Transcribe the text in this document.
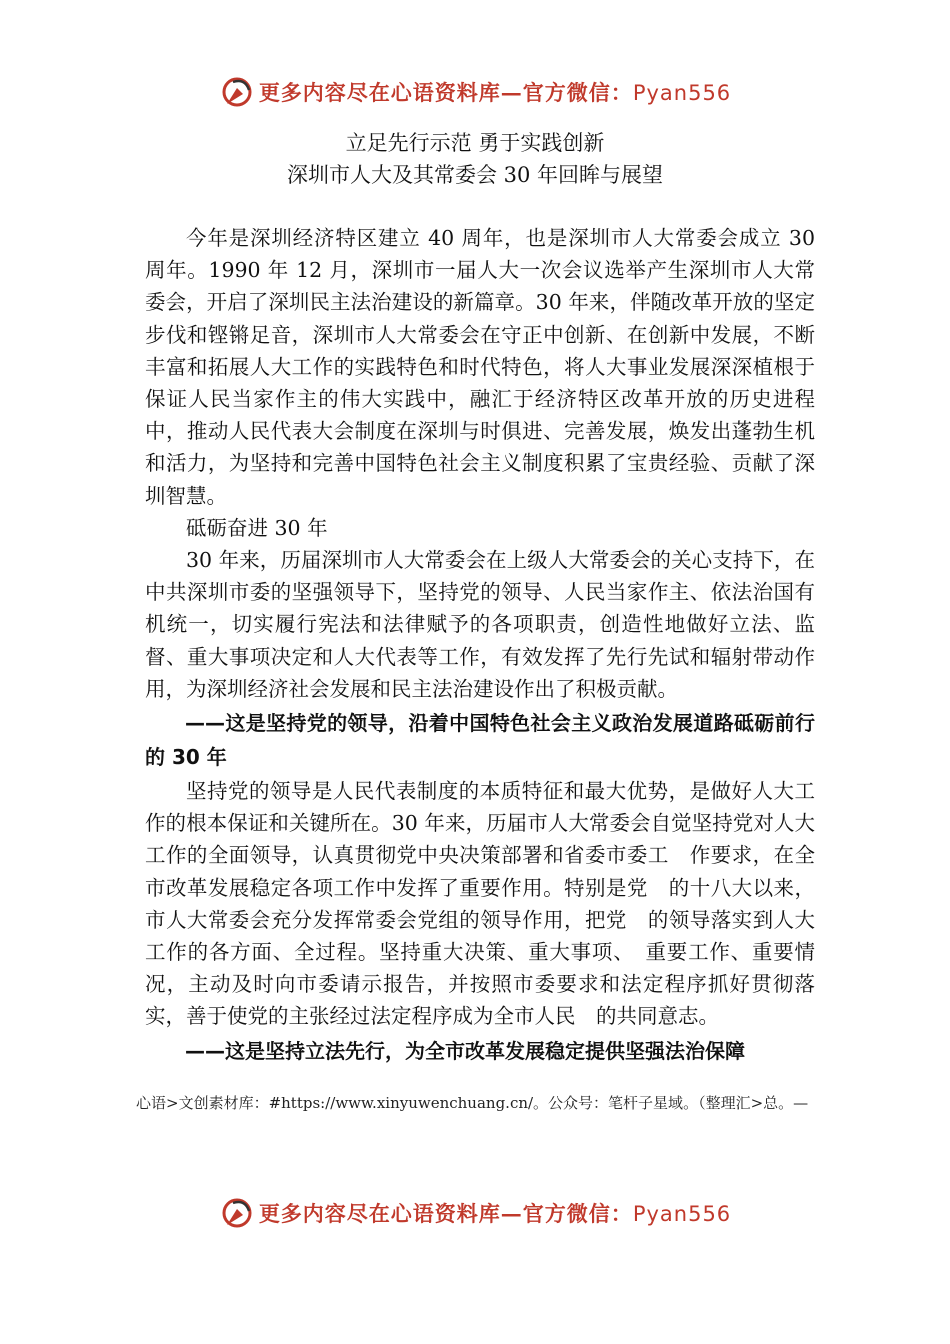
更多内容尽在心语资料库—官方微信：Pyan556
立足先行示范 勇于实践创新
深圳市人大及其常委会 30 年回眸与展望

今年是深圳经济特区建立 40 周年，也是深圳市人大常委会成立 30 周年。1990 年 12 月，深圳市一届人大一次会议选举产生深圳市人大常委会，开启了深圳民主法治建设的新篇章。30 年来，伴随改革开放的坚定步伐和铿锵足音，深圳市人大常委会在守正中创新、在创新中发展，不断丰富和拓展人大工作的实践特色和时代特色，将人大事业发展深深植根于保证人民当家作主的伟大实践中，融汇于经济特区改革开放的历史进程中，推动人民代表大会制度在深圳与时俱进、完善发展，焕发出蓬勃生机和活力，为坚持和完善中国特色社会主义制度积累了宝贵经验、贡献了深圳智慧。

砥砺奋进 30 年

30 年来，历届深圳市人大常委会在上级人大常委会的关心支持下，在中共深圳市委的坚强领导下，坚持党的领导、人民当家作主、依法治国有机统一，切实履行宪法和法律赋予的各项职责，创造性地做好立法、监督、重大事项决定和人大代表等工作，有效发挥了先行先试和辐射带动作用，为深圳经济社会发展和民主法治建设作出了积极贡献。

——这是坚持党的领导，沿着中国特色社会主义政治发展道路砥砺前行的 30 年

坚持党的领导是人民代表制度的本质特征和最大优势，是做好人大工作的根本保证和关键所在。30 年来，历届市人大常委会自觉坚持党对人大工作的全面领导，认真贯彻党中央决策部署和省委市委工　作要求，在全市改革发展稳定各项工作中发挥了重要作用。特别是党　的十八大以来，市人大常委会充分发挥常委会党组的领导作用，把党　的领导落实到人大工作的各方面、全过程。坚持重大决策、重大事项、　重要工作、重要情况，主动及时向市委请示报告，并按照市委要求和法定程序抓好贯彻落实，善于使党的主张经过法定程序成为全市人民　的共同意志。

——这是坚持立法先行，为全市改革发展稳定提供坚强法治保障

心语>文创素材库：#https://www.xinyuwenchuang.cn/。公众号：笔杆子星域。（整理汇>总。—
更多内容尽在心语资料库—官方微信：Pyan556
